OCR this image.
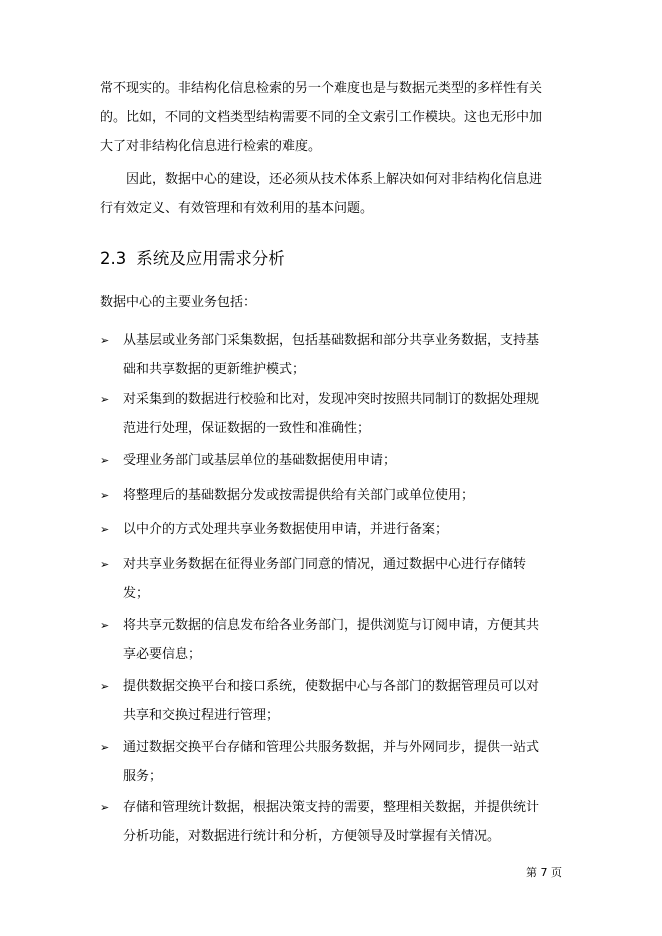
常不现实的。非结构化信息检索的另一个难度也是与数据元类型的多样性有关的。比如，不同的文档类型结构需要不同的全文索引工作模块。这也无形中加大了对非结构化信息进行检索的难度。

因此，数据中心的建设，还必须从技术体系上解决如何对非结构化信息进行有效定义、有效管理和有效利用的基本问题。

2.3 系统及应用需求分析

数据中心的主要业务包括：

➢ 从基层或业务部门采集数据，包括基础数据和部分共享业务数据，支持基础和共享数据的更新维护模式；
➢ 对采集到的数据进行校验和比对，发现冲突时按照共同制订的数据处理规范进行处理，保证数据的一致性和准确性；
➢ 受理业务部门或基层单位的基础数据使用申请；
➢ 将整理后的基础数据分发或按需提供给有关部门或单位使用；
➢ 以中介的方式处理共享业务数据使用申请，并进行备案；
➢ 对共享业务数据在征得业务部门同意的情况，通过数据中心进行存储转发；
➢ 将共享元数据的信息发布给各业务部门，提供浏览与订阅申请，方便其共享必要信息；
➢ 提供数据交换平台和接口系统，使数据中心与各部门的数据管理员可以对共享和交换过程进行管理；
➢ 通过数据交换平台存储和管理公共服务数据，并与外网同步，提供一站式服务；
➢ 存储和管理统计数据，根据决策支持的需要，整理相关数据，并提供统计分析功能，对数据进行统计和分析，方便领导及时掌握有关情况。
第 7 页
